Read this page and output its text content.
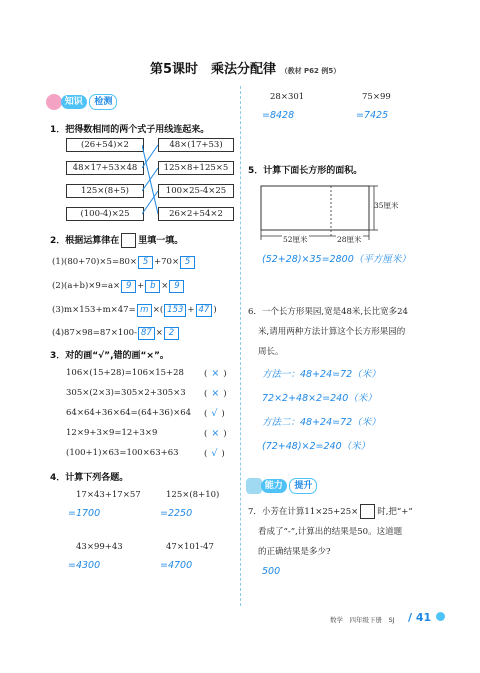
第5课时　乘法分配律 （教材 P62 例5）
知识 检测
1．把得数相同的两个式子用线连起来。
(26+54)×2
48×17+53×48
125×(8+5)
(100-4)×25
48×(17+53)
125×8+125×5
100×25-4×25
26×2+54×2
2．根据运算律在 里填一填。
(1)(80+70)×5=80× 5 +70× 5
(2)(a+b)×9=a× 9 + b × 9
(3)m×153+m×47= m ×( 153 + 47 )
(4)87×98=87×100- 87 × 2
3．对的画“√”,错的画“×”。
106×(15+28)=106×15+28
305×(2×3)=305×2+305×3
64×64+36×64=(64+36)×64
12×9+3×9=12+3×9
(100+1)×63=100×63+63
( × )
( × )
( √ )
( × )
( √ )
4．计算下列各题。
17×43+17×57
=1700
125×(8+10)
=2250
43×99+43
=4300
47×101-47
=4700
28×301
=8428
75×99
=7425
5．计算下面长方形的面积。
35厘米
52厘米	28厘米
(52+28)×35=2800（平方厘米）
6．一个长方形果园,宽是48米,长比宽多24
米,请用两种方法计算这个长方形果园的
周长。
方法一：48+24=72（米）
72×2+48×2=240（米）
方法二：48+24=72（米）
(72+48)×2=240（米）
能力 提升
7．小芳在计算11×25+25× 时,把“+”
看成了“-”,计算出的结果是50。这道题
的正确结果是多少?
500
数学　四年级下册　SJ / 41
